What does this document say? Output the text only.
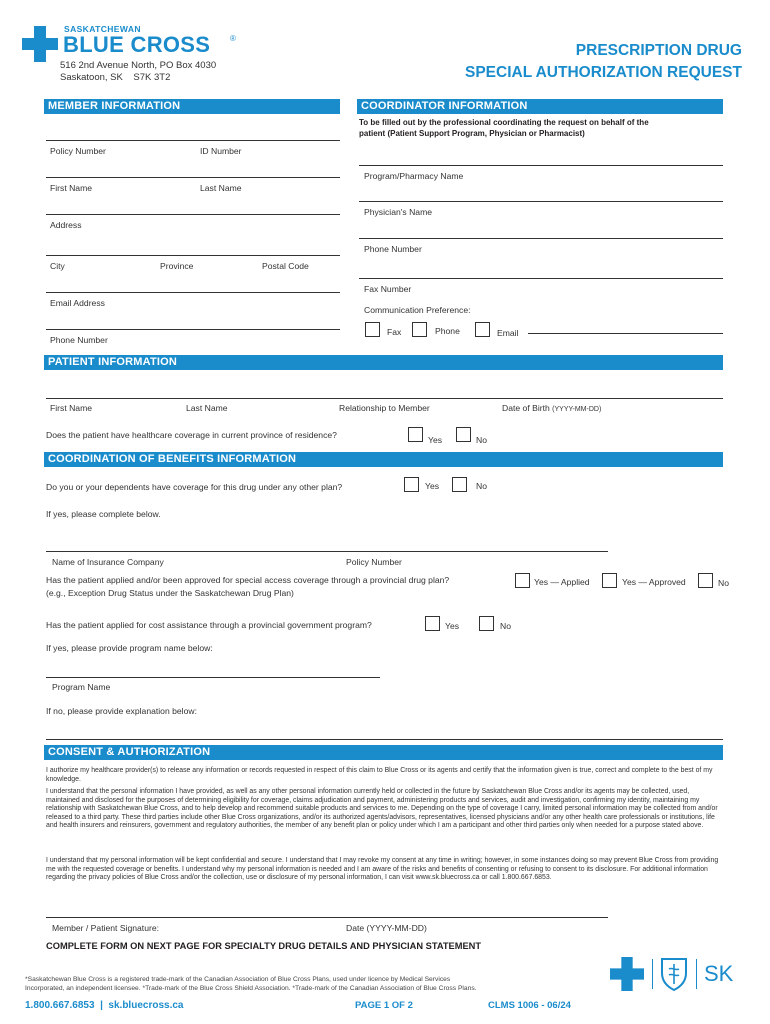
SASKATCHEWAN
BLUE CROSS ®
516 2nd Avenue North, PO Box 4030
Saskatoon, SK    S7K 3T2
PRESCRIPTION DRUG
SPECIAL AUTHORIZATION REQUEST
MEMBER INFORMATION
Policy Number	ID Number
First Name	Last Name
Address
City	Province	Postal Code
Email Address
Phone Number
COORDINATOR INFORMATION
To be filled out by the professional coordinating the request on behalf of the
patient (Patient Support Program, Physician or Pharmacist)
Program/Pharmacy Name
Physician's Name
Phone Number
Fax Number
Communication Preference:
Fax	Phone	Email
PATIENT INFORMATION
First Name	Last Name	Relationship to Member	Date of Birth (YYYY-MM-DD)
Does the patient have healthcare coverage in current province of residence?	Yes	No
COORDINATION OF BENEFITS INFORMATION
Do you or your dependents have coverage for this drug under any other plan?	Yes	No
If yes, please complete below.
Name of Insurance Company	Policy Number
Has the patient applied and/or been approved for special access coverage through a provincial drug plan?
(e.g., Exception Drug Status under the Saskatchewan Drug Plan)
Yes — Applied	Yes — Approved	No
Has the patient applied for cost assistance through a provincial government program?	Yes	No
If yes, please provide program name below:
Program Name
If no, please provide explanation below:
CONSENT & AUTHORIZATION

I authorize my healthcare provider(s) to release any information or records requested in respect of this claim to Blue Cross or its agents and certify that the information given is true, correct and complete to the best of my knowledge.

I understand that the personal information I have provided, as well as any other personal information currently held or collected in the future by Saskatchewan Blue Cross and/or its agents may be collected, used, maintained and disclosed for the purposes of determining eligibility for coverage, claims adjudication and payment, administering products and services, audit and investigation, confirming my identity, maintaining my relationship with Saskatchewan Blue Cross, and to help develop and recommend suitable products and services to me. Depending on the type of coverage I carry, limited personal information may be collected from and/or released to a third party. These third parties include other Blue Cross organizations, and/or its authorized agents/advisors, representatives, licensed physicians and/or any other health care professionals or institutions, life and health insurers and reinsurers, government and regulatory authorities, the member of any benefit plan or policy under which I am a participant and other third parties only when needed for a purpose stated above.

I understand that my personal information will be kept confidential and secure. I understand that I may revoke my consent at any time in writing; however, in some instances doing so may prevent Blue Cross from providing me with the requested coverage or benefits. I understand why my personal information is needed and I am aware of the risks and benefits of consenting or refusing to consent to its disclosure. For additional information regarding the privacy policies of Blue Cross and/or the collection, use or disclosure of my personal information, I can visit www.sk.bluecross.ca or call 1.800.667.6853.

Member / Patient Signature:	Date (YYYY-MM-DD)
COMPLETE FORM ON NEXT PAGE FOR SPECIALTY DRUG DETAILS AND PHYSICIAN STATEMENT
*Saskatchewan Blue Cross is a registered trade-mark of the Canadian Association of Blue Cross Plans, used under licence by Medical Services
Incorporated, an independent licensee. *Trade-mark of the Blue Cross Shield Association. *Trade-mark of the Canadian Association of Blue Cross Plans.
1.800.667.6853  |  sk.bluecross.ca	PAGE 1 OF 2	CLMS 1006 - 06/24
SK
